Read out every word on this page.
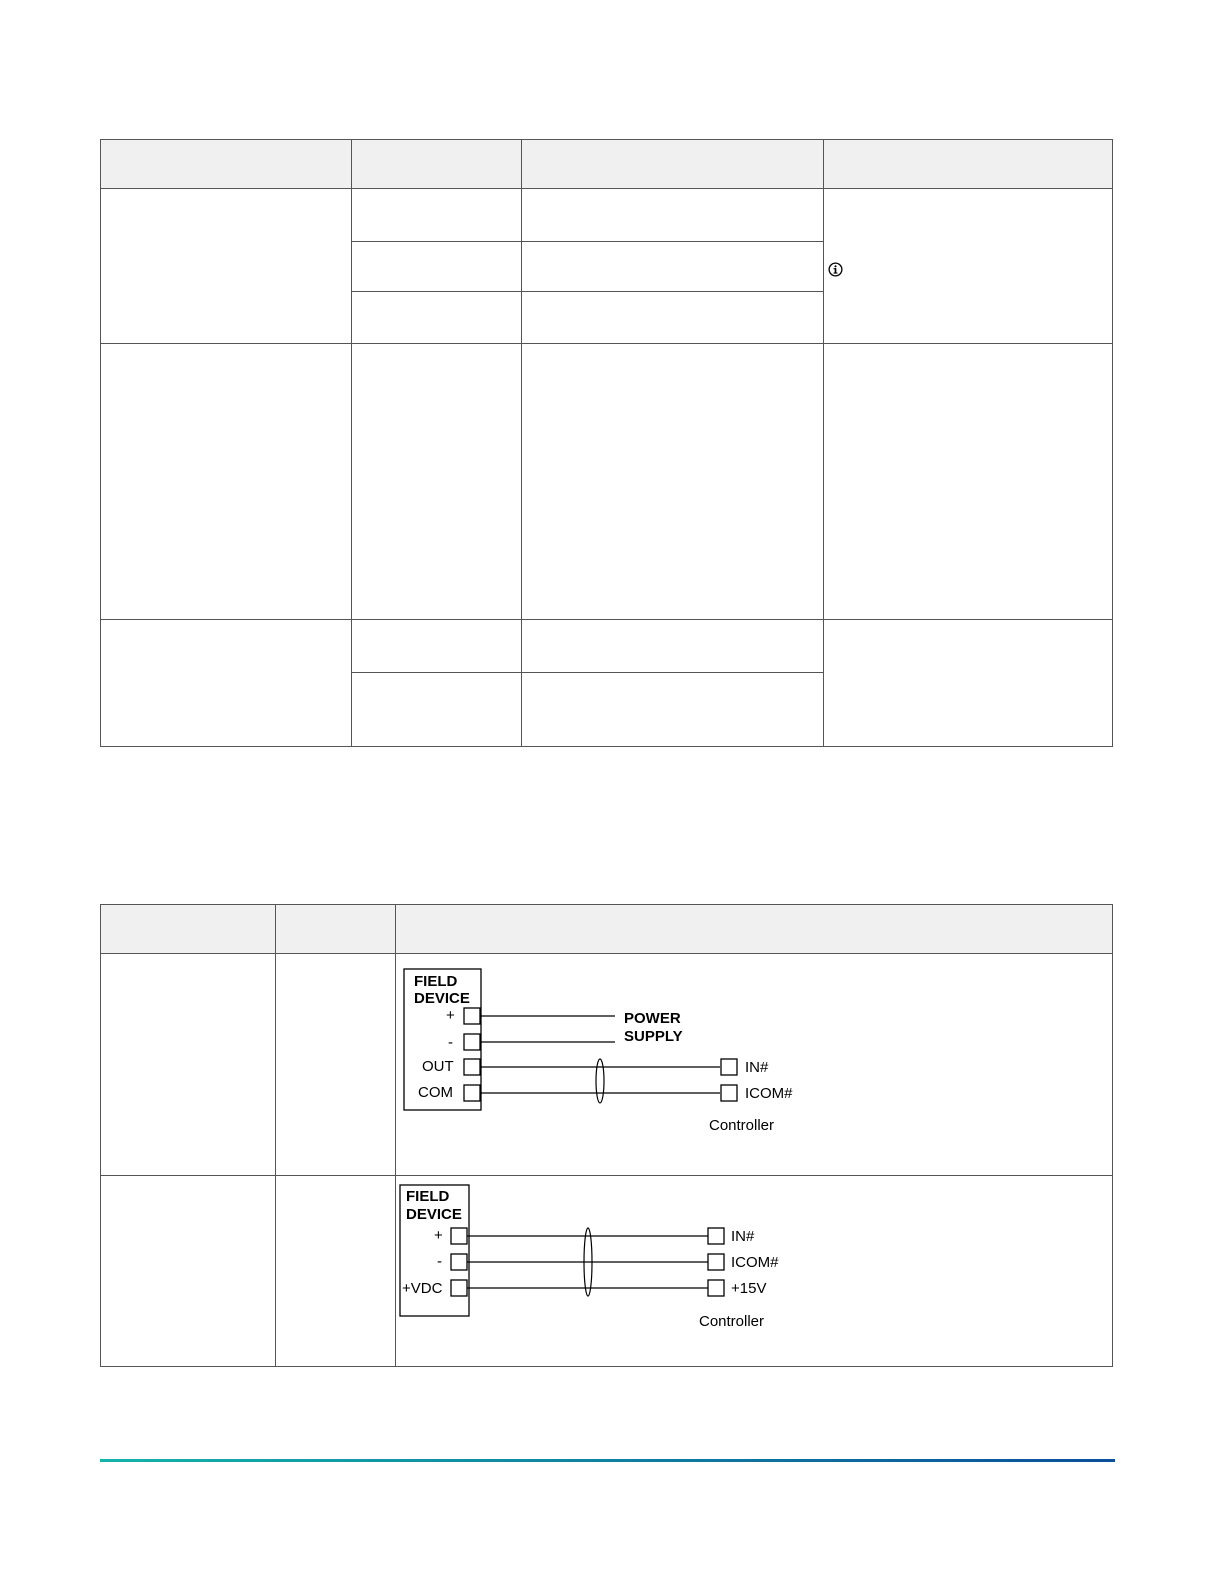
FIELD
DEVICE
+
-
OUT
COM
POWER
SUPPLY
IN#
ICOM#
Controller
FIELD
DEVICE
+
-
+VDC
IN#
ICOM#
+15V
Controller
